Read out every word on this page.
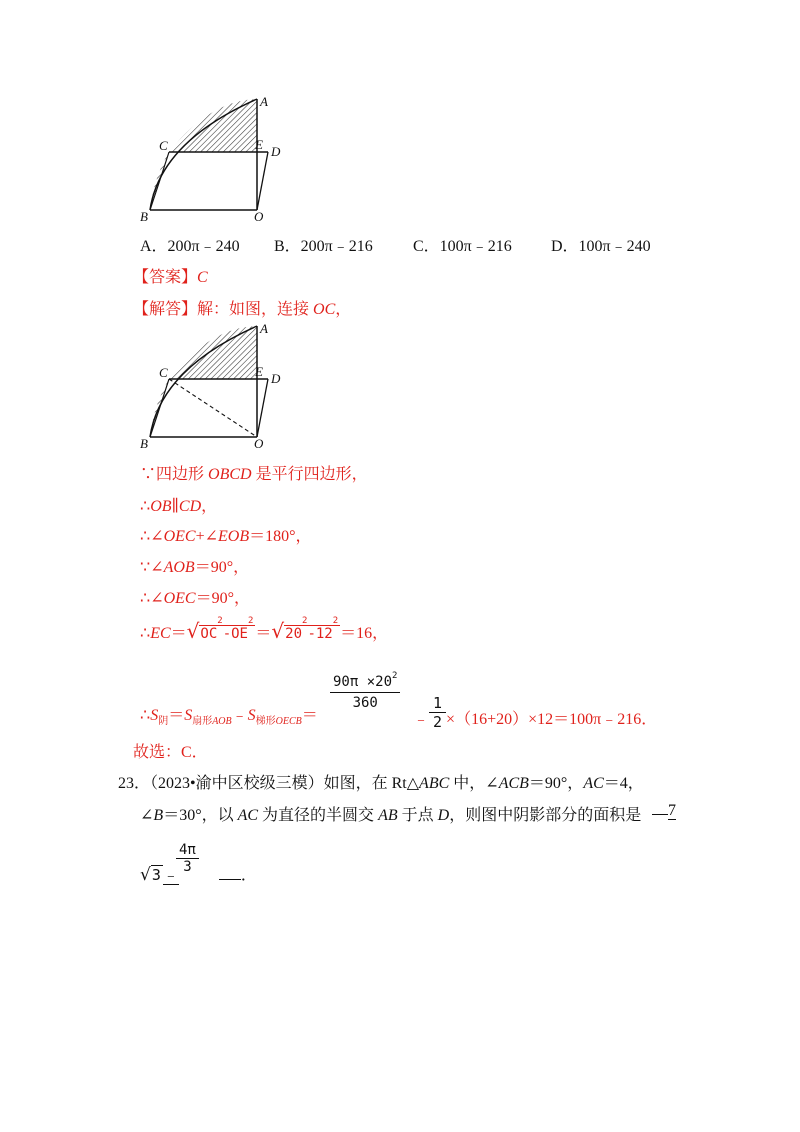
A
C	E D
B	O
A．200π﹣240 B．200π﹣216	C．100π﹣216 D．100π﹣240
【答案】C
【解答】解：如图，连接 OC，
A
C	E D
B	O
∵四边形 OBCD 是平行四边形，
∴OB∥CD，
∴∠OEC+∠EOB＝180°，
∵∠AOB＝90°，
∴∠OEC＝90°，
$\therefore EC=√OC^2-OE^2=√20^2-12^2=16$，
$90\pi \times 20^2$
360
$\therefore S_阴=S_{扇形AOB}﹣S_{梯形OECB}=$	﹣ $\frac{1}{2}$ ×（16+20）×12＝100π﹣216．
故选：C．
23．（2023•渝中区校级三模）如图，在 Rt△ABC 中，∠ACB＝90°，AC＝4，
∠B＝30°，以 AC 为直径的半圆交 AB 于点 D，则图中阴影部分的面积是	7
$\frac{4\pi}{3}$
√3 ﹣	．
